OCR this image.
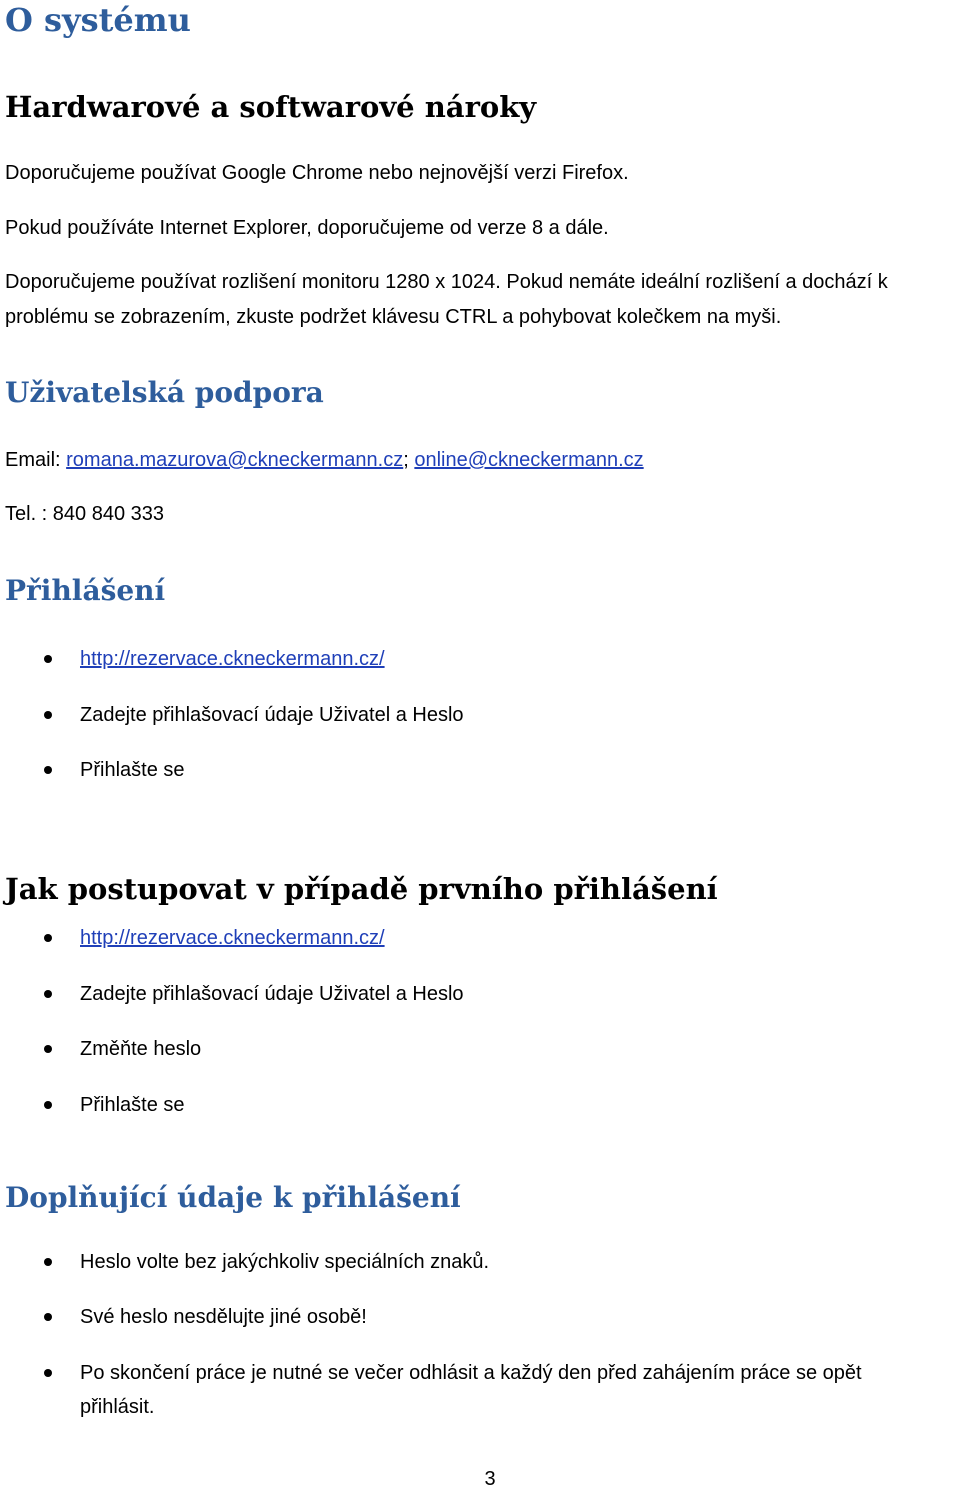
O systému
Hardwarové a softwarové nároky
Doporučujeme používat Google Chrome nebo nejnovější verzi Firefox.
Pokud používáte Internet Explorer, doporučujeme od verze 8 a dále.
Doporučujeme používat rozlišení monitoru 1280 x 1024. Pokud nemáte ideální rozlišení a dochází k
problému se zobrazením, zkuste podržet klávesu CTRL a pohybovat kolečkem na myši.
Uživatelská podpora
Email: romana.mazurova@ckneckermann.cz; online@ckneckermann.cz
Tel. : 840 840 333
Přihlášení
http://rezervace.ckneckermann.cz/
Zadejte přihlašovací údaje Uživatel a Heslo
Přihlašte se
Jak postupovat v případě prvního přihlášení
http://rezervace.ckneckermann.cz/
Zadejte přihlašovací údaje Uživatel a Heslo
Změňte heslo
Přihlašte se
Doplňující údaje k přihlášení
Heslo volte bez jakýchkoliv speciálních znaků.
Své heslo nesdělujte jiné osobě!
Po skončení práce je nutné se večer odhlásit a každý den před zahájením práce se opět
přihlásit.
3
